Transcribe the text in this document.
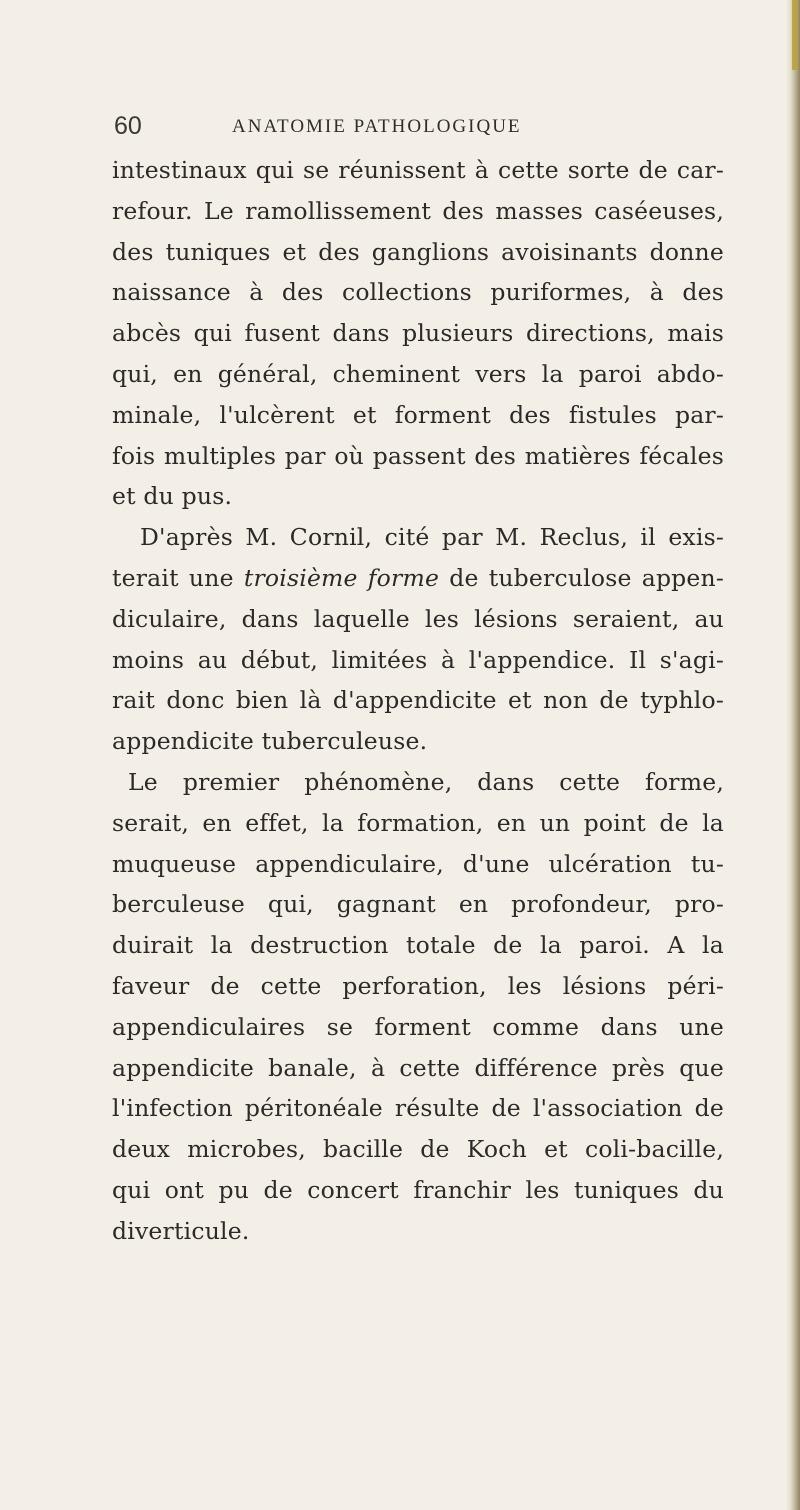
60	ANATOMIE PATHOLOGIQUE
intestinaux qui se réunissent à cette sorte de car-
refour. Le ramollissement des masses caséeuses,
des tuniques et des ganglions avoisinants donne
naissance à des collections puriformes, à des
abcès qui fusent dans plusieurs directions, mais
qui, en général, cheminent vers la paroi abdo-
minale, l'ulcèrent et forment des fistules par-
fois multiples par où passent des matières fécales
et du pus.
D'après M. Cornil, cité par M. Reclus, il exis-
terait une troisième forme de tuberculose appen-
diculaire, dans laquelle les lésions seraient, au
moins au début, limitées à l'appendice. Il s'agi-
rait donc bien là d'appendicite et non de typhlo-
appendicite tuberculeuse.
Le premier phénomène, dans cette forme,
serait, en effet, la formation, en un point de la
muqueuse appendiculaire, d'une ulcération tu-
berculeuse qui, gagnant en profondeur, pro-
duirait la destruction totale de la paroi. A la
faveur de cette perforation, les lésions péri-
appendiculaires se forment comme dans une
appendicite banale, à cette différence près que
l'infection péritonéale résulte de l'association de
deux microbes, bacille de Koch et coli-bacille,
qui ont pu de concert franchir les tuniques du
diverticule.
